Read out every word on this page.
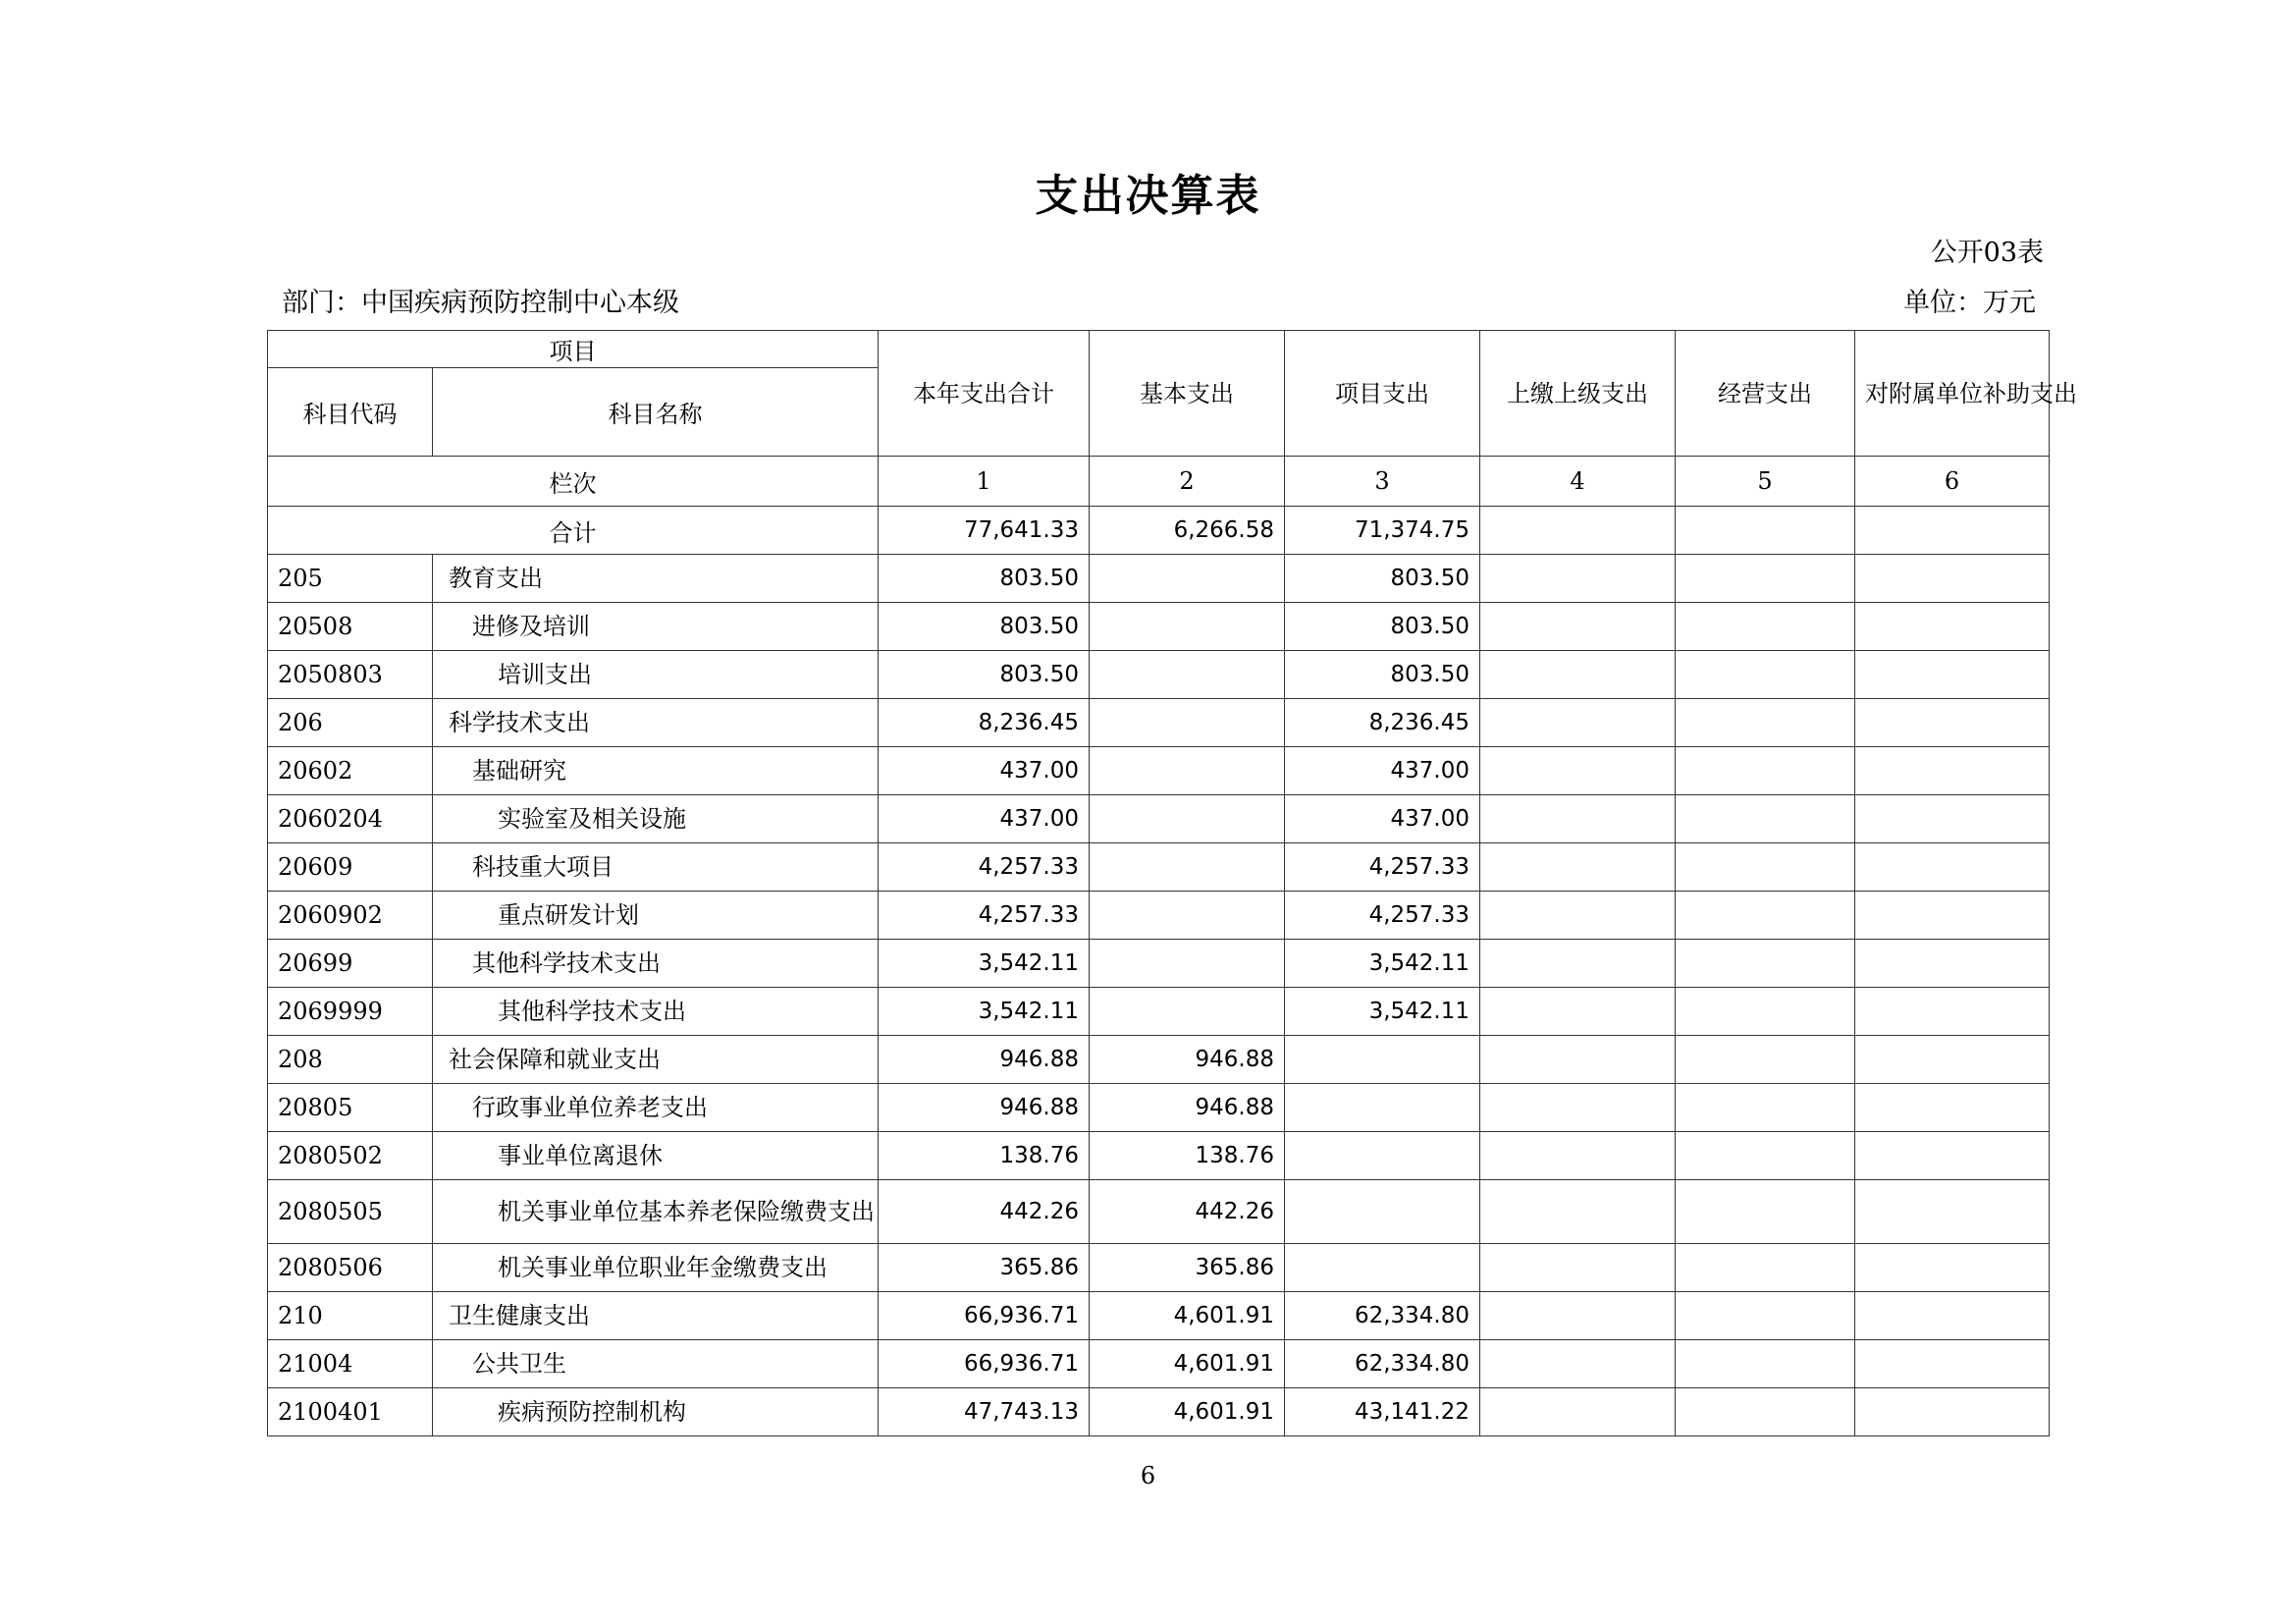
支出决算表
公开03表
部门：中国疾病预防控制中心本级	单位：万元
项目		本年支出合计	基本支出	项目支出	上缴上级支出	经营支出	对附属单位补助支出
科目代码	科目名称						
栏次		1	2	3	4	5	6
合计		77,641.33	6,266.58	71,374.75			
205	教育支出	803.50		803.50			
20508	进修及培训	803.50		803.50			
2050803	培训支出	803.50		803.50			
206	科学技术支出	8,236.45		8,236.45			
20602	基础研究	437.00		437.00			
2060204	实验室及相关设施	437.00		437.00			
20609	科技重大项目	4,257.33		4,257.33			
2060902	重点研发计划	4,257.33		4,257.33			
20699	其他科学技术支出	3,542.11		3,542.11			
2069999	其他科学技术支出	3,542.11		3,542.11			
208	社会保障和就业支出	946.88	946.88				
20805	行政事业单位养老支出	946.88	946.88				
2080502	事业单位离退休	138.76	138.76				
2080505	机关事业单位基本养老保险缴费支出	442.26	442.26				
2080506	机关事业单位职业年金缴费支出	365.86	365.86				
210	卫生健康支出	66,936.71	4,601.91	62,334.80			
21004	公共卫生	66,936.71	4,601.91	62,334.80			
2100401	疾病预防控制机构	47,743.13	4,601.91	43,141.22			
6
